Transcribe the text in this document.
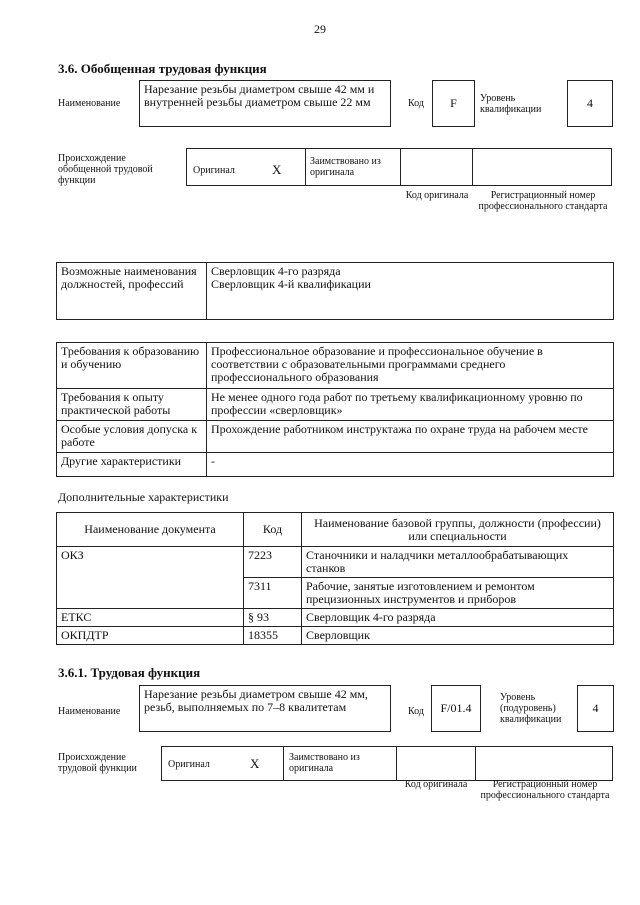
29
3.6. Обобщенная трудовая функция
Наименование
Нарезание резьбы диаметром свыше 42 мм и внутренней резьбы диаметром свыше 22 мм	Код	F	Уровень квалификации	4
Происхождение обобщенной трудовой функции
Оригинал	X
Заимствовано из оригинала
Код оригинала	Регистрационный номер профессионального стандарта
Возможные наименования должностей, профессий	
Сверловщик 4-го разряда
Сверловщик 4-й квалификации
Требования к образованию и обучению	Профессиональное образование и профессиональное обучение в соответствии с образовательными программами среднего профессионального образования
Требования к опыту практической работы	Не менее одного года работ по третьему квалификационному уровню по профессии «сверловщик»
Особые условия допуска к работе	Прохождение работником инструктажа по охране труда на рабочем месте
Другие характеристики	-
Дополнительные характеристики
Наименование документа	Код	Наименование базовой группы, должности (профессии) или специальности
ОКЗ	7223	Станочники и наладчики металлообрабатывающих станков
	7311	Рабочие, занятые изготовлением и ремонтом прецизионных инструментов и приборов
ЕТКС	§ 93	Сверловщик 4-го разряда
ОКПДТР	18355	Сверловщик
3.6.1. Трудовая функция
Наименование
Нарезание резьбы диаметром свыше 42 мм, резьб, выполняемых по 7–8 квалитетам	Код	F/01.4
Уровень (подуровень) квалификации
4
Происхождение трудовой функции	Оригинал	X	Заимствовано из оригинала
Код оригинала	Регистрационный номер профессионального стандарта
